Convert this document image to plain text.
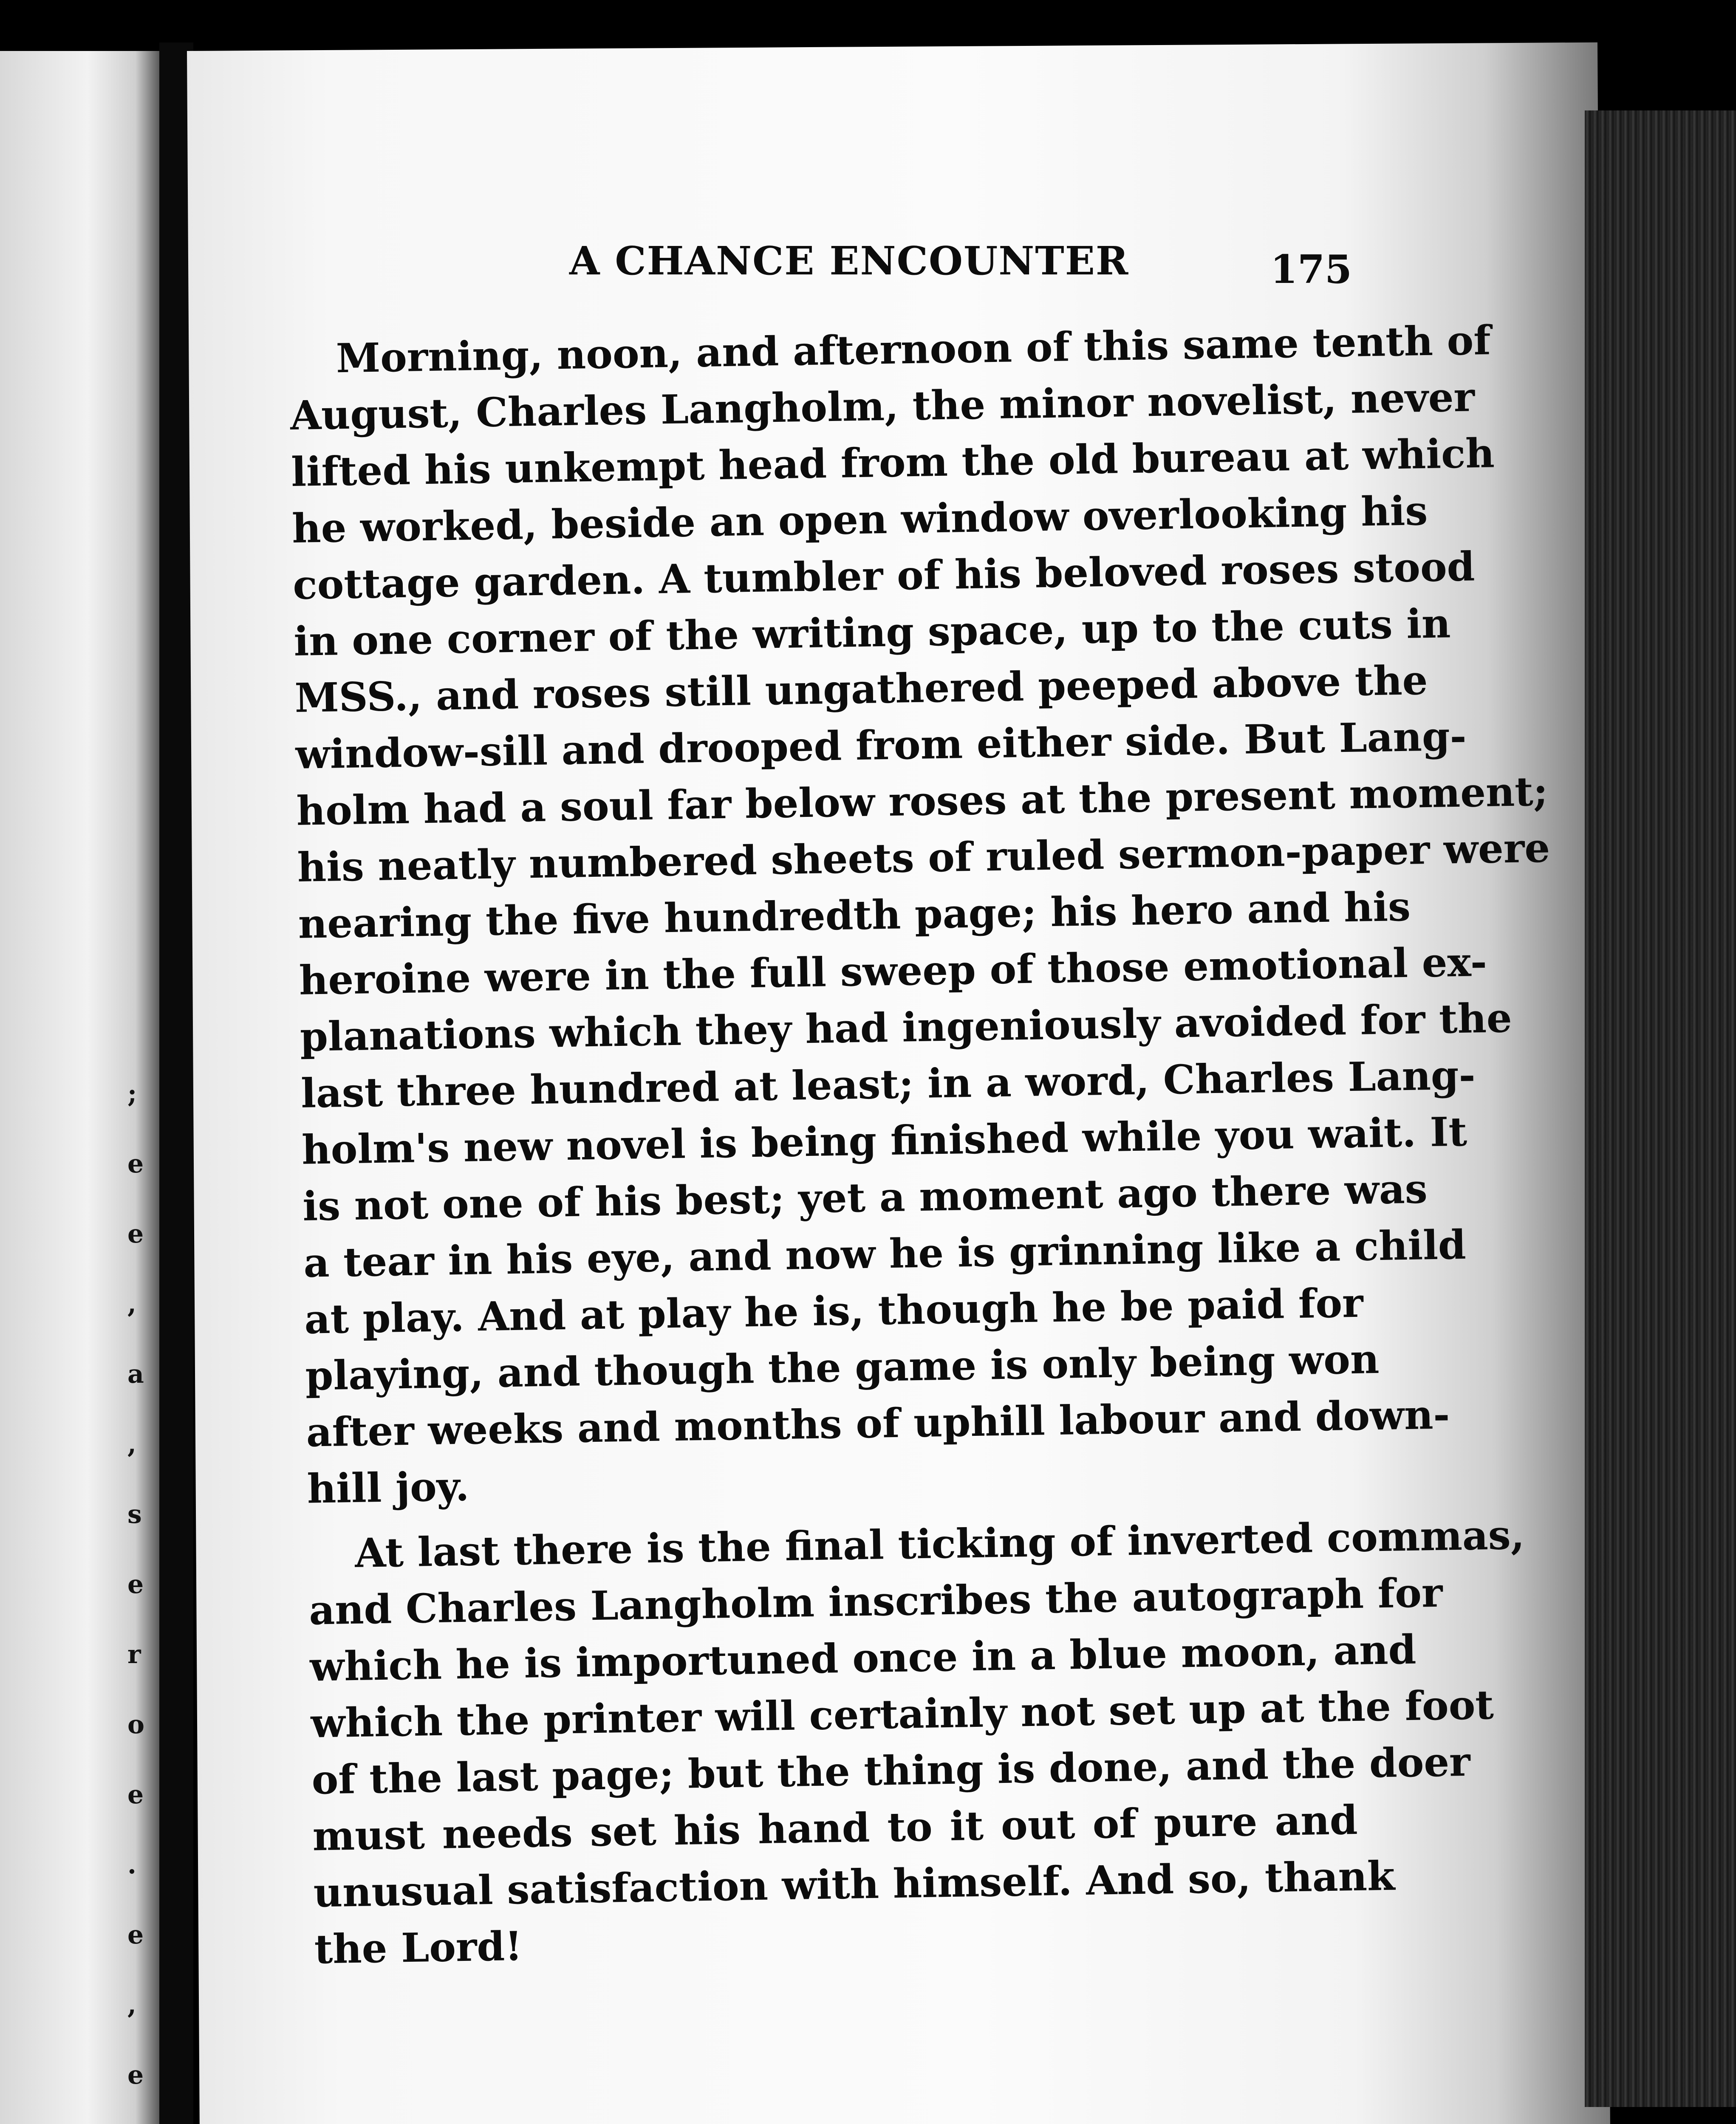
;
e
e
,
a
,
s
e
r
o
e
.
e
,
e
A CHANCE ENCOUNTER	175
Morning, noon, and afternoon of this same tenth of
August, Charles Langholm, the minor novelist, never
lifted his unkempt head from the old bureau at which
he worked, beside an open window overlooking his
cottage garden. A tumbler of his beloved roses stood
in one corner of the writing space, up to the cuts in
MSS., and roses still ungathered peeped above the
window-sill and drooped from either side. But Lang-
holm had a soul far below roses at the present moment;
his neatly numbered sheets of ruled sermon-paper were
nearing the five hundredth page; his hero and his
heroine were in the full sweep of those emotional ex-
planations which they had ingeniously avoided for the
last three hundred at least; in a word, Charles Lang-
holm's new novel is being finished while you wait. It
is not one of his best; yet a moment ago there was
a tear in his eye, and now he is grinning like a child
at play. And at play he is, though he be paid for
playing, and though the game is only being won
after weeks and months of uphill labour and down-
hill joy.
At last there is the final ticking of inverted commas,
and Charles Langholm inscribes the autograph for
which he is importuned once in a blue moon, and
which the printer will certainly not set up at the foot
of the last page; but the thing is done, and the doer
must needs set his hand to it out of pure and
unusual satisfaction with himself. And so, thank
the Lord!
